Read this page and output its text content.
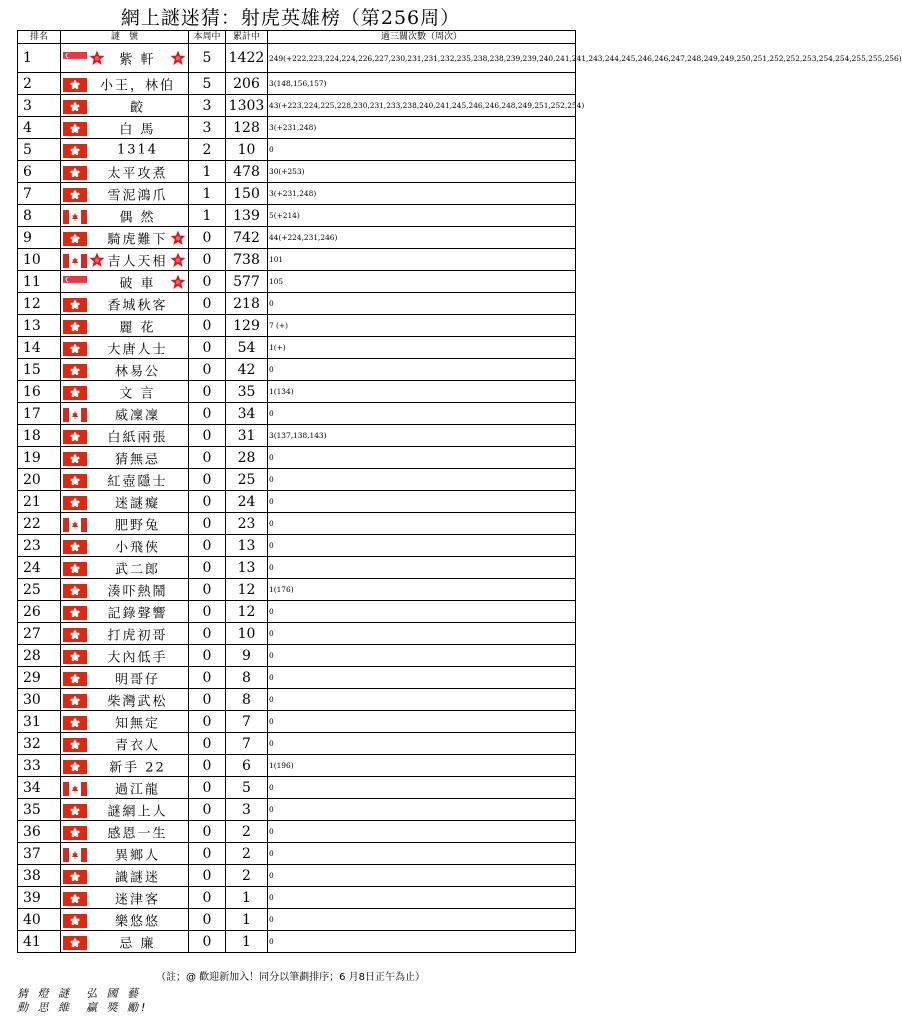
網上謎迷猜：射虎英雄榜（第256周）
排名	謎　號	本周中	累計中	過三關次數（周次）
1	紫 軒	5	1422	249(+222,223,224,224,226,227,230,231,231,232,235,238,238,239,239,240,241,241,243,244,245,246,246,247,248,249,249,250,251,252,252,253,254,254,255,255,256)
2	小王，林伯	5	206	3(148,156,157)
3	齩	3	1303	43(+223,224,225,228,230,231,233,238,240,241,245,246,246,248,249,251,252,254)
4	白 馬	3	128	3(+231,248)
5	1314	2	10	0
6	太平攻煮	1	478	30(+253)
7	雪泥鴻爪	1	150	3(+231,248)
8	偶 然	1	139	5(+214)
9	騎虎難下	0	742	44(+224,231,246)
10	吉人天相	0	738	101
11	破 車	0	577	105
12	香城秋客	0	218	0
13	麗 花	0	129	7 (+)
14	大唐人士	0	54	1(+)
15	林易公	0	42	0
16	文 言	0	35	1(134)
17	威凜凜	0	34	0
18	白紙兩張	0	31	3(137,138,143)
19	猜無忌	0	28	0
20	紅壺隱士	0	25	0
21	迷謎癡	0	24	0
22	肥野兔	0	23	0
23	小飛俠	0	13	0
24	武二郎	0	13	0
25	湊吓熱鬧	0	12	1(176)
26	記錄聲響	0	12	0
27	打虎初哥	0	10	0
28	大內低手	0	9	0
29	明哥仔	0	8	0
30	柴灣武松	0	8	0
31	知無定	0	7	0
32	青衣人	0	7	0
33	新手 22	0	6	1(196)
34	過江龍	0	5	0
35	謎網上人	0	3	0
36	感恩一生	0	2	0
37	異鄉人	0	2	0
38	識謎迷	0	2	0
39	迷津客	0	1	0
40	樂悠悠	0	1	0
41	忌 廉	0	1	0
（註；@ 歡迎新加入！同分以筆劃排序；6 月8日正午為止）
猜 燈 謎　弘 國 藝
動 思 維　贏 獎 勵!
